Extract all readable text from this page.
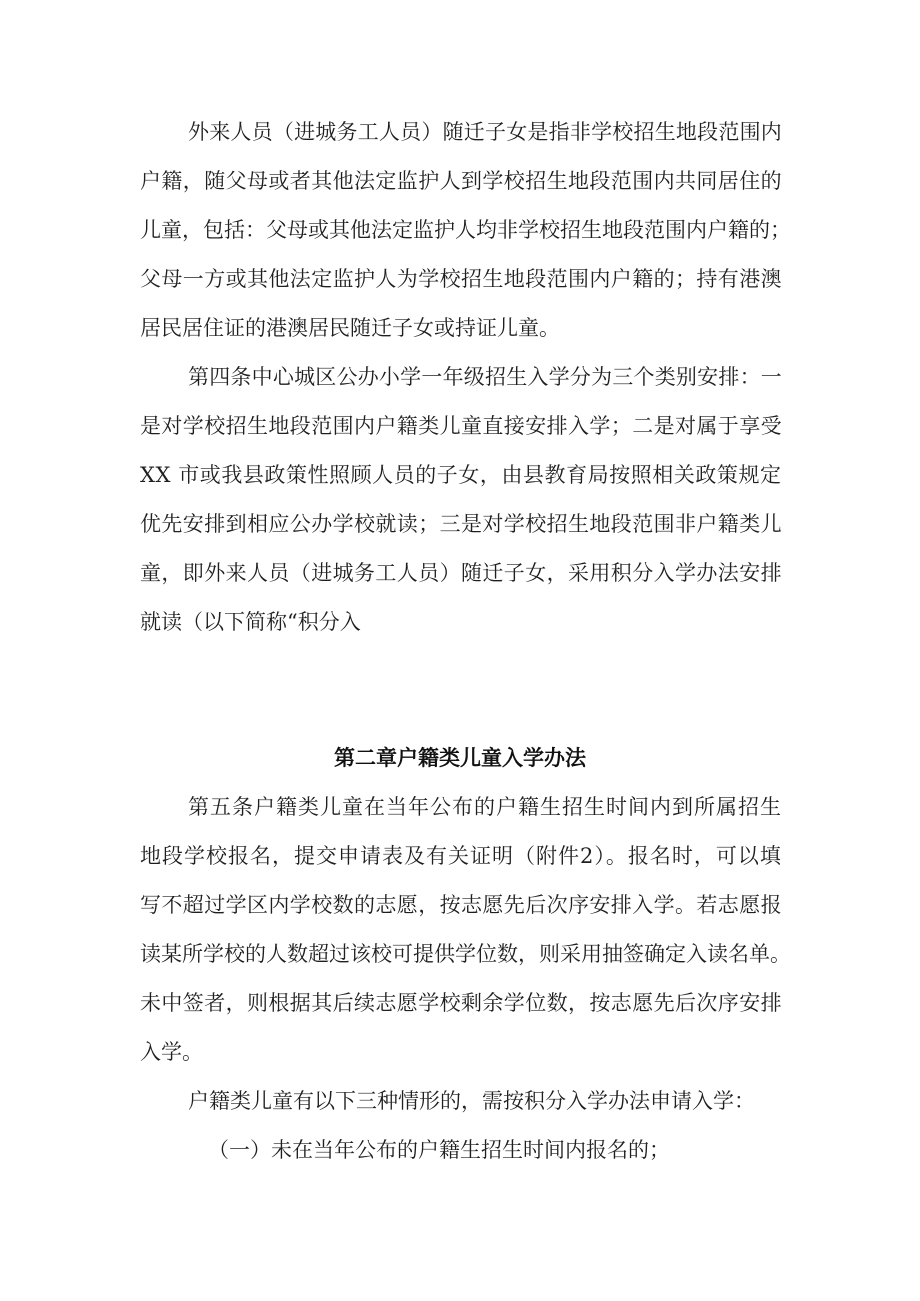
外来人员（进城务工人员）随迁子女是指非学校招生地段范围内
户籍，随父母或者其他法定监护人到学校招生地段范围内共同居住的
儿童，包括：父母或其他法定监护人均非学校招生地段范围内户籍的；
父母一方或其他法定监护人为学校招生地段范围内户籍的；持有港澳
居民居住证的港澳居民随迁子女或持证儿童。
第四条中心城区公办小学一年级招生入学分为三个类别安排：一
是对学校招生地段范围内户籍类儿童直接安排入学；二是对属于享受
XX 市或我县政策性照顾人员的子女，由县教育局按照相关政策规定
优先安排到相应公办学校就读；三是对学校招生地段范围非户籍类儿
童，即外来人员（进城务工人员）随迁子女，采用积分入学办法安排
就读（以下简称“积分入
第二章户籍类儿童入学办法
第五条户籍类儿童在当年公布的户籍生招生时间内到所属招生
地段学校报名，提交申请表及有关证明（附件2）。报名时，可以填
写不超过学区内学校数的志愿，按志愿先后次序安排入学。若志愿报
读某所学校的人数超过该校可提供学位数，则采用抽签确定入读名单。
未中签者，则根据其后续志愿学校剩余学位数，按志愿先后次序安排
入学。
户籍类儿童有以下三种情形的，需按积分入学办法申请入学：
（一）未在当年公布的户籍生招生时间内报名的；
